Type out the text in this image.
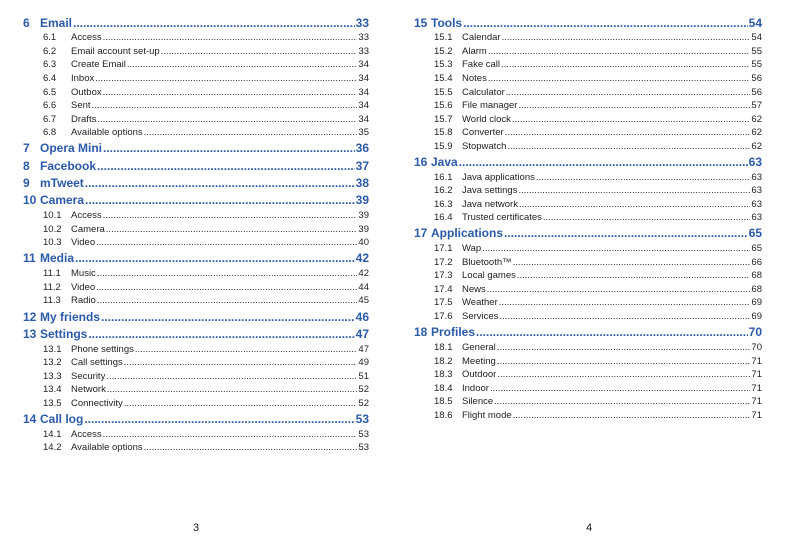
6 Email .....	33
6.1	Access .....	33
6.2	Email account set-up .....	33
6.3	Create Email .....	34
6.4	Inbox .....	34
6.5	Outbox .....	34
6.6	Sent .....	34
6.7	Drafts .....	34
6.8	Available options .....	35
7 Opera Mini .....	36
8 Facebook .....	37
9 mTweet .....	38
10 Camera .....	39
10.1	Access .....	39
10.2	Camera .....	39
10.3	Video .....	40
11 Media .....	42
11.1	Music .....	42
11.2	Video .....	44
11.3	Radio .....	45
12 My friends .....	46
13 Settings .....	47
13.1	Phone settings .....	47
13.2	Call settings .....	49
13.3	Security .....	51
13.4	Network .....	52
13.5	Connectivity .....	52
14 Call log .....	53
14.1	Access .....	53
14.2	Available options .....	53
15 Tools .....	54
15.1	Calendar .....	54
15.2	Alarm .....	55
15.3	Fake call .....	55
15.4	Notes .....	56
15.5	Calculator .....	56
15.6	File manager .....	57
15.7	World clock .....	62
15.8	Converter .....	62
15.9	Stopwatch .....	62
16 Java .....	63
16.1	Java applications .....	63
16.2	Java settings .....	63
16.3	Java network .....	63
16.4	Trusted certificates .....	63
17 Applications .....	65
17.1	Wap .....	65
17.2	Bluetooth™ .....	66
17.3	Local games .....	68
17.4	News .....	68
17.5	Weather .....	69
17.6	Services .....	69
18 Profiles .....	70
18.1	General .....	70
18.2	Meeting .....	71
18.3	Outdoor .....	71
18.4	Indoor .....	71
18.5	Silence .....	71
18.6	Flight mode .....	71
3	4
